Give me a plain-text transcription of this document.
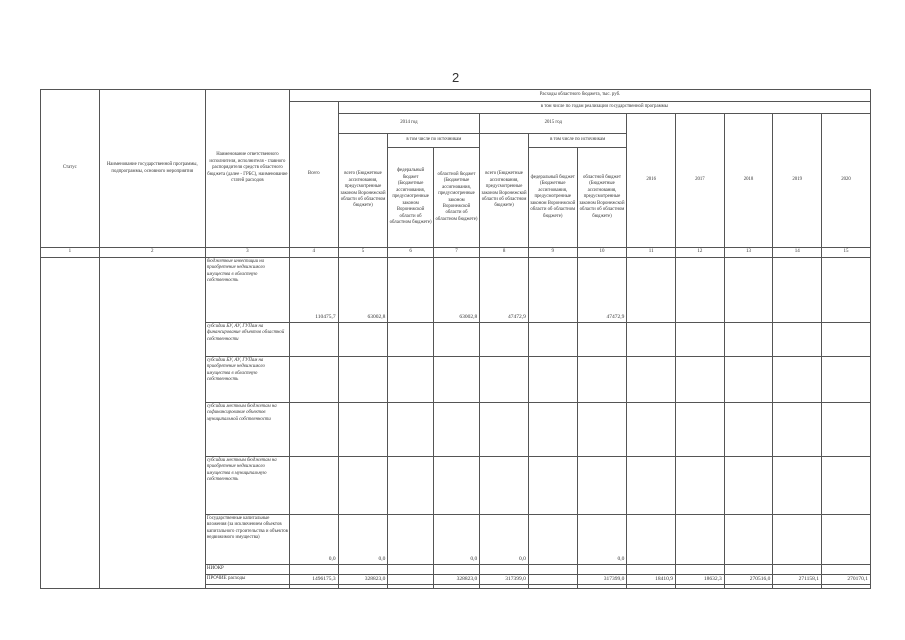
2
Статус	Наименование государственной программы, подпрограммы, основного мероприятия	Наименование ответственного исполнителя, исполнителя - главного распорядителя средств областного бюджета (далее - ГРБС), наименование статей расходов	Расходы областного бюджета, тыс. руб.											
			Всего	в том числе по годам реализации государственной программы										
				2014 год			2015 год			2016	2017	2018	2019	2020
				всего (Бюджетные ассигнования, предусмотренные законом Воронежской области об областном бюджете)	в том числе по источникам		всего (Бюджетные ассигнования, предусмотренные законом Воронежской области об областном бюджете)	в том числе по источникам						
					федеральный бюджет (Бюджетные ассигнования, предусмотренные законом Воронежской области об областном бюджете)	областной бюджет (Бюджетные ассигнования, предусмотренные законом Воронежской области об областном бюджете)		федеральный бюджет (Бюджетные ассигнования, предусмотренные законом Воронежской области об областном бюджете)	областной бюджет (Бюджетные ассигнования, предусмотренные законом Воронежской области об областном бюджете)					
1	2	3	4	5	6	7	8	9	10	11	12	13	14	15
		бюджетные инвестиции на приобретение недвижимого имущества в областную собственность	110475,7	63002,8		63002,8	47472,9		47472,9					
		субсидии БУ, АУ, ГУПам на финансирование объектов областной собственности												
		субсидии БУ, АУ, ГУПам на приобретение недвижимого имущества в областную собственность												
		субсидии местным бюджетам на софинансирование объектов муниципальной собственности												
		субсидии местным бюджетам на приобретение недвижимого имущества в муниципальную собственность												
		Государственные капитальные вложения (за исключением объектов капитального строительства и объектов недвижимого имущества)	0,0	0,0		0,0	0,0		0,0					
		НИОКР												
		ПРОЧИЕ расходы	1496175,3	328823,0		328823,0	317399,0		317399,0	18410,9	18632,3	270516,0	271158,1	270170,1
